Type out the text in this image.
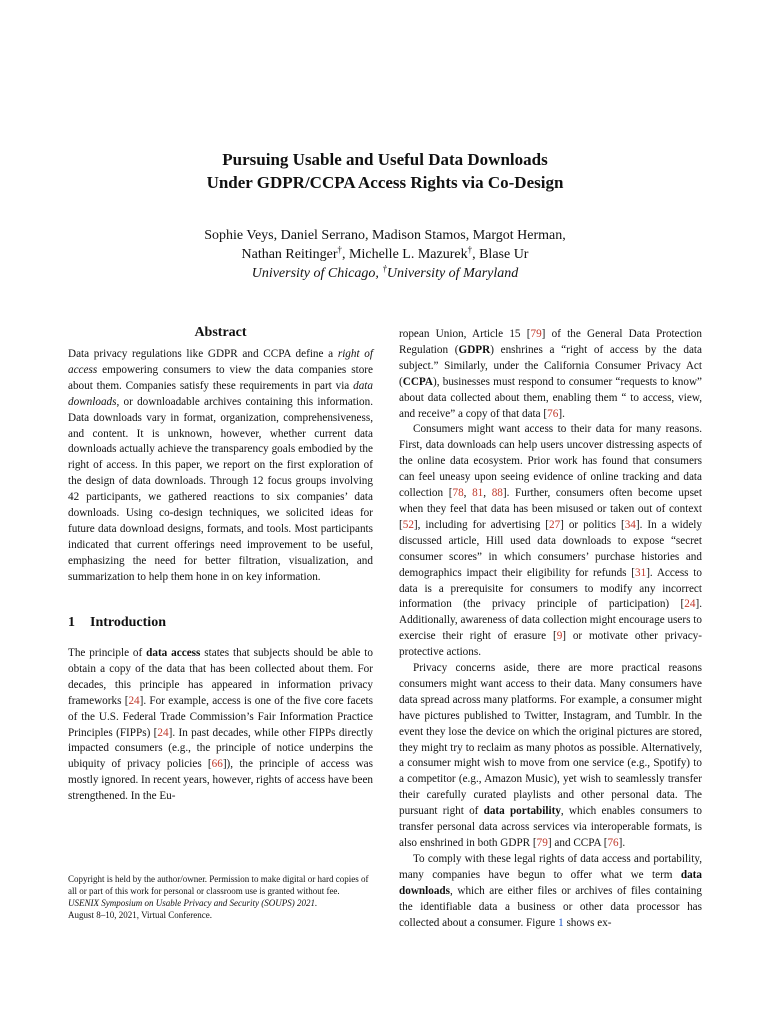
Pursuing Usable and Useful Data Downloads
Under GDPR/CCPA Access Rights via Co-Design
Sophie Veys, Daniel Serrano, Madison Stamos, Margot Herman,
Nathan Reitinger†, Michelle L. Mazurek†, Blase Ur
University of Chicago, †University of Maryland
Abstract

Data privacy regulations like GDPR and CCPA define a right of access empowering consumers to view the data companies store about them. Companies satisfy these requirements in part via data downloads, or downloadable archives containing this information. Data downloads vary in format, organization, comprehensiveness, and content. It is unknown, however, whether current data downloads actually achieve the transparency goals embodied by the right of access. In this paper, we report on the first exploration of the design of data downloads. Through 12 focus groups involving 42 participants, we gathered reactions to six companies’ data downloads. Using co-design techniques, we solicited ideas for future data download designs, formats, and tools. Most participants indicated that current offerings need improvement to be useful, emphasizing the need for better filtration, visualization, and summarization to help them hone in on key information.

1 Introduction

The principle of data access states that subjects should be able to obtain a copy of the data that has been collected about them. For decades, this principle has appeared in information privacy frameworks [24]. For example, access is one of the five core facets of the U.S. Federal Trade Commission’s Fair Information Practice Principles (FIPPs) [24]. In past decades, while other FIPPs directly impacted consumers (e.g., the principle of notice underpins the ubiquity of privacy policies [66]), the principle of access was mostly ignored. In recent years, however, rights of access have been strengthened. In the Eu-

Copyright is held by the author/owner. Permission to make digital or hard copies of all or part of this work for personal or classroom use is granted without fee.
USENIX Symposium on Usable Privacy and Security (SOUPS) 2021.
August 8–10, 2021, Virtual Conference.

ropean Union, Article 15 [79] of the General Data Protection Regulation (GDPR) enshrines a “right of access by the data subject.” Similarly, under the California Consumer Privacy Act (CCPA), businesses must respond to consumer “requests to know” about data collected about them, enabling them “ to access, view, and receive” a copy of that data [76].

Consumers might want access to their data for many reasons. First, data downloads can help users uncover distressing aspects of the online data ecosystem. Prior work has found that consumers can feel uneasy upon seeing evidence of online tracking and data collection [78, 81, 88]. Further, consumers often become upset when they feel that data has been misused or taken out of context [52], including for advertising [27] or politics [34]. In a widely discussed article, Hill used data downloads to expose “secret consumer scores” in which consumers’ purchase histories and demographics impact their eligibility for refunds [31]. Access to data is a prerequisite for consumers to modify any incorrect information (the privacy principle of participation) [24]. Additionally, awareness of data collection might encourage users to exercise their right of erasure [9] or motivate other privacy-protective actions.

Privacy concerns aside, there are more practical reasons consumers might want access to their data. Many consumers have data spread across many platforms. For example, a consumer might have pictures published to Twitter, Instagram, and Tumblr. In the event they lose the device on which the original pictures are stored, they might try to reclaim as many photos as possible. Alternatively, a consumer might wish to move from one service (e.g., Spotify) to a competitor (e.g., Amazon Music), yet wish to seamlessly transfer their carefully curated playlists and other personal data. The pursuant right of data portability, which enables consumers to transfer personal data across services via interoperable formats, is also enshrined in both GDPR [79] and CCPA [76].

To comply with these legal rights of data access and portability, many companies have begun to offer what we term data downloads, which are either files or archives of files containing the identifiable data a business or other data processor has collected about a consumer. Figure 1 shows ex-
